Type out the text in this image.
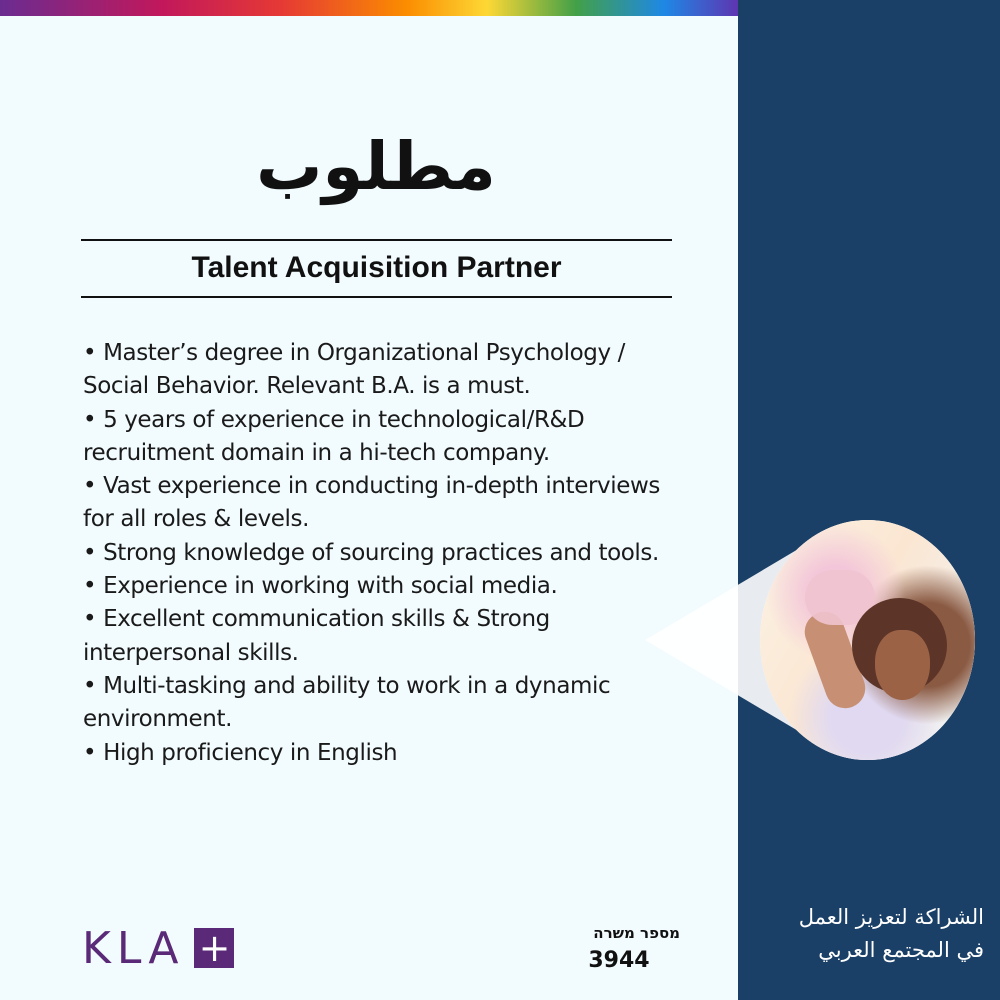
مطلوب
Talent Acquisition Partner
• Master’s degree in Organizational Psychology / Social Behavior. Relevant B.A. is a must.
• 5 years of experience in technological/R&D recruitment domain in a hi-tech company.
• Vast experience in conducting in-depth interviews for all roles & levels.
• Strong knowledge of sourcing practices and tools.
• Experience in working with social media.
• Excellent communication skills & Strong interpersonal skills.
• Multi-tasking and ability to work in a dynamic environment.
• High proficiency in English
KLA +	מספר משרה
3944
الشراكة لتعزيز العمل
في المجتمع العربي
